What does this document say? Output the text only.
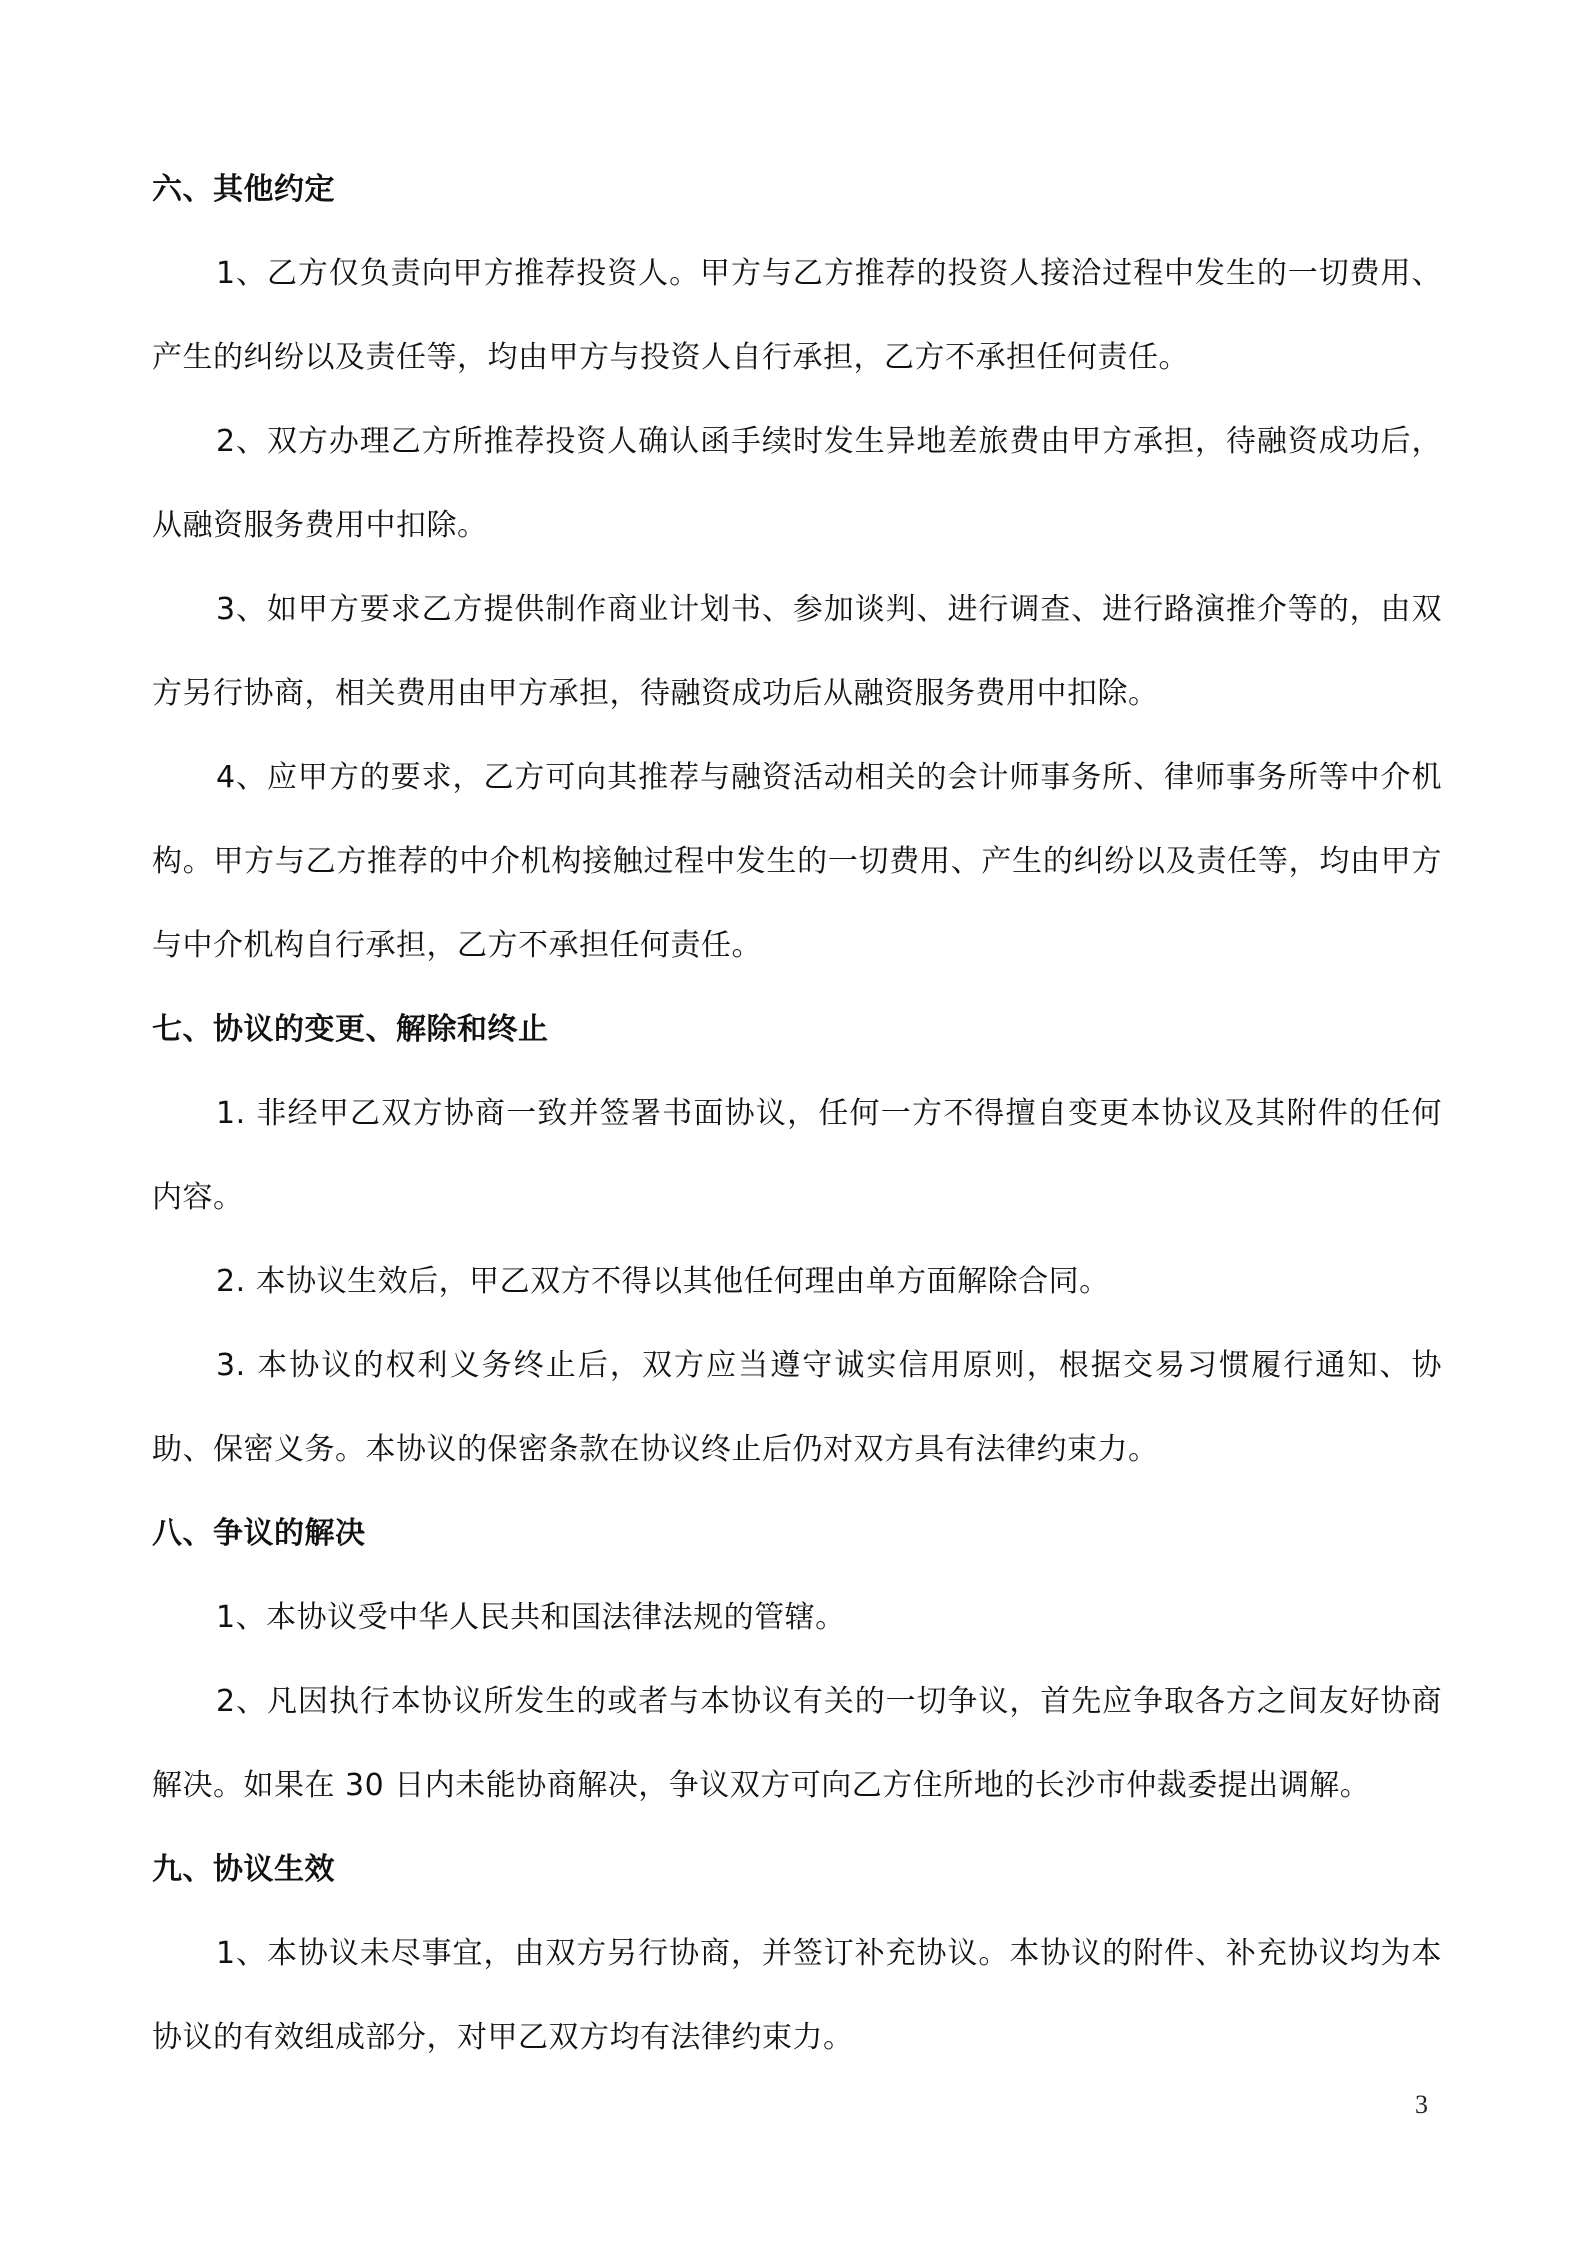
六、其他约定

1、乙方仅负责向甲方推荐投资人。甲方与乙方推荐的投资人接洽过程中发生的一切费用、产生的纠纷以及责任等，均由甲方与投资人自行承担，乙方不承担任何责任。

2、双方办理乙方所推荐投资人确认函手续时发生异地差旅费由甲方承担，待融资成功后，从融资服务费用中扣除。

3、如甲方要求乙方提供制作商业计划书、参加谈判、进行调查、进行路演推介等的，由双方另行协商，相关费用由甲方承担，待融资成功后从融资服务费用中扣除。

4、应甲方的要求，乙方可向其推荐与融资活动相关的会计师事务所、律师事务所等中介机构。甲方与乙方推荐的中介机构接触过程中发生的一切费用、产生的纠纷以及责任等，均由甲方与中介机构自行承担，乙方不承担任何责任。

七、协议的变更、解除和终止

1. 非经甲乙双方协商一致并签署书面协议，任何一方不得擅自变更本协议及其附件的任何内容。

2. 本协议生效后，甲乙双方不得以其他任何理由单方面解除合同。

3. 本协议的权利义务终止后，双方应当遵守诚实信用原则，根据交易习惯履行通知、协助、保密义务。本协议的保密条款在协议终止后仍对双方具有法律约束力。

八、争议的解决

1、本协议受中华人民共和国法律法规的管辖。

2、凡因执行本协议所发生的或者与本协议有关的一切争议，首先应争取各方之间友好协商解决。如果在 30 日内未能协商解决，争议双方可向乙方住所地的长沙市仲裁委提出调解。

九、协议生效

1、本协议未尽事宜，由双方另行协商，并签订补充协议。本协议的附件、补充协议均为本协议的有效组成部分，对甲乙双方均有法律约束力。

3
